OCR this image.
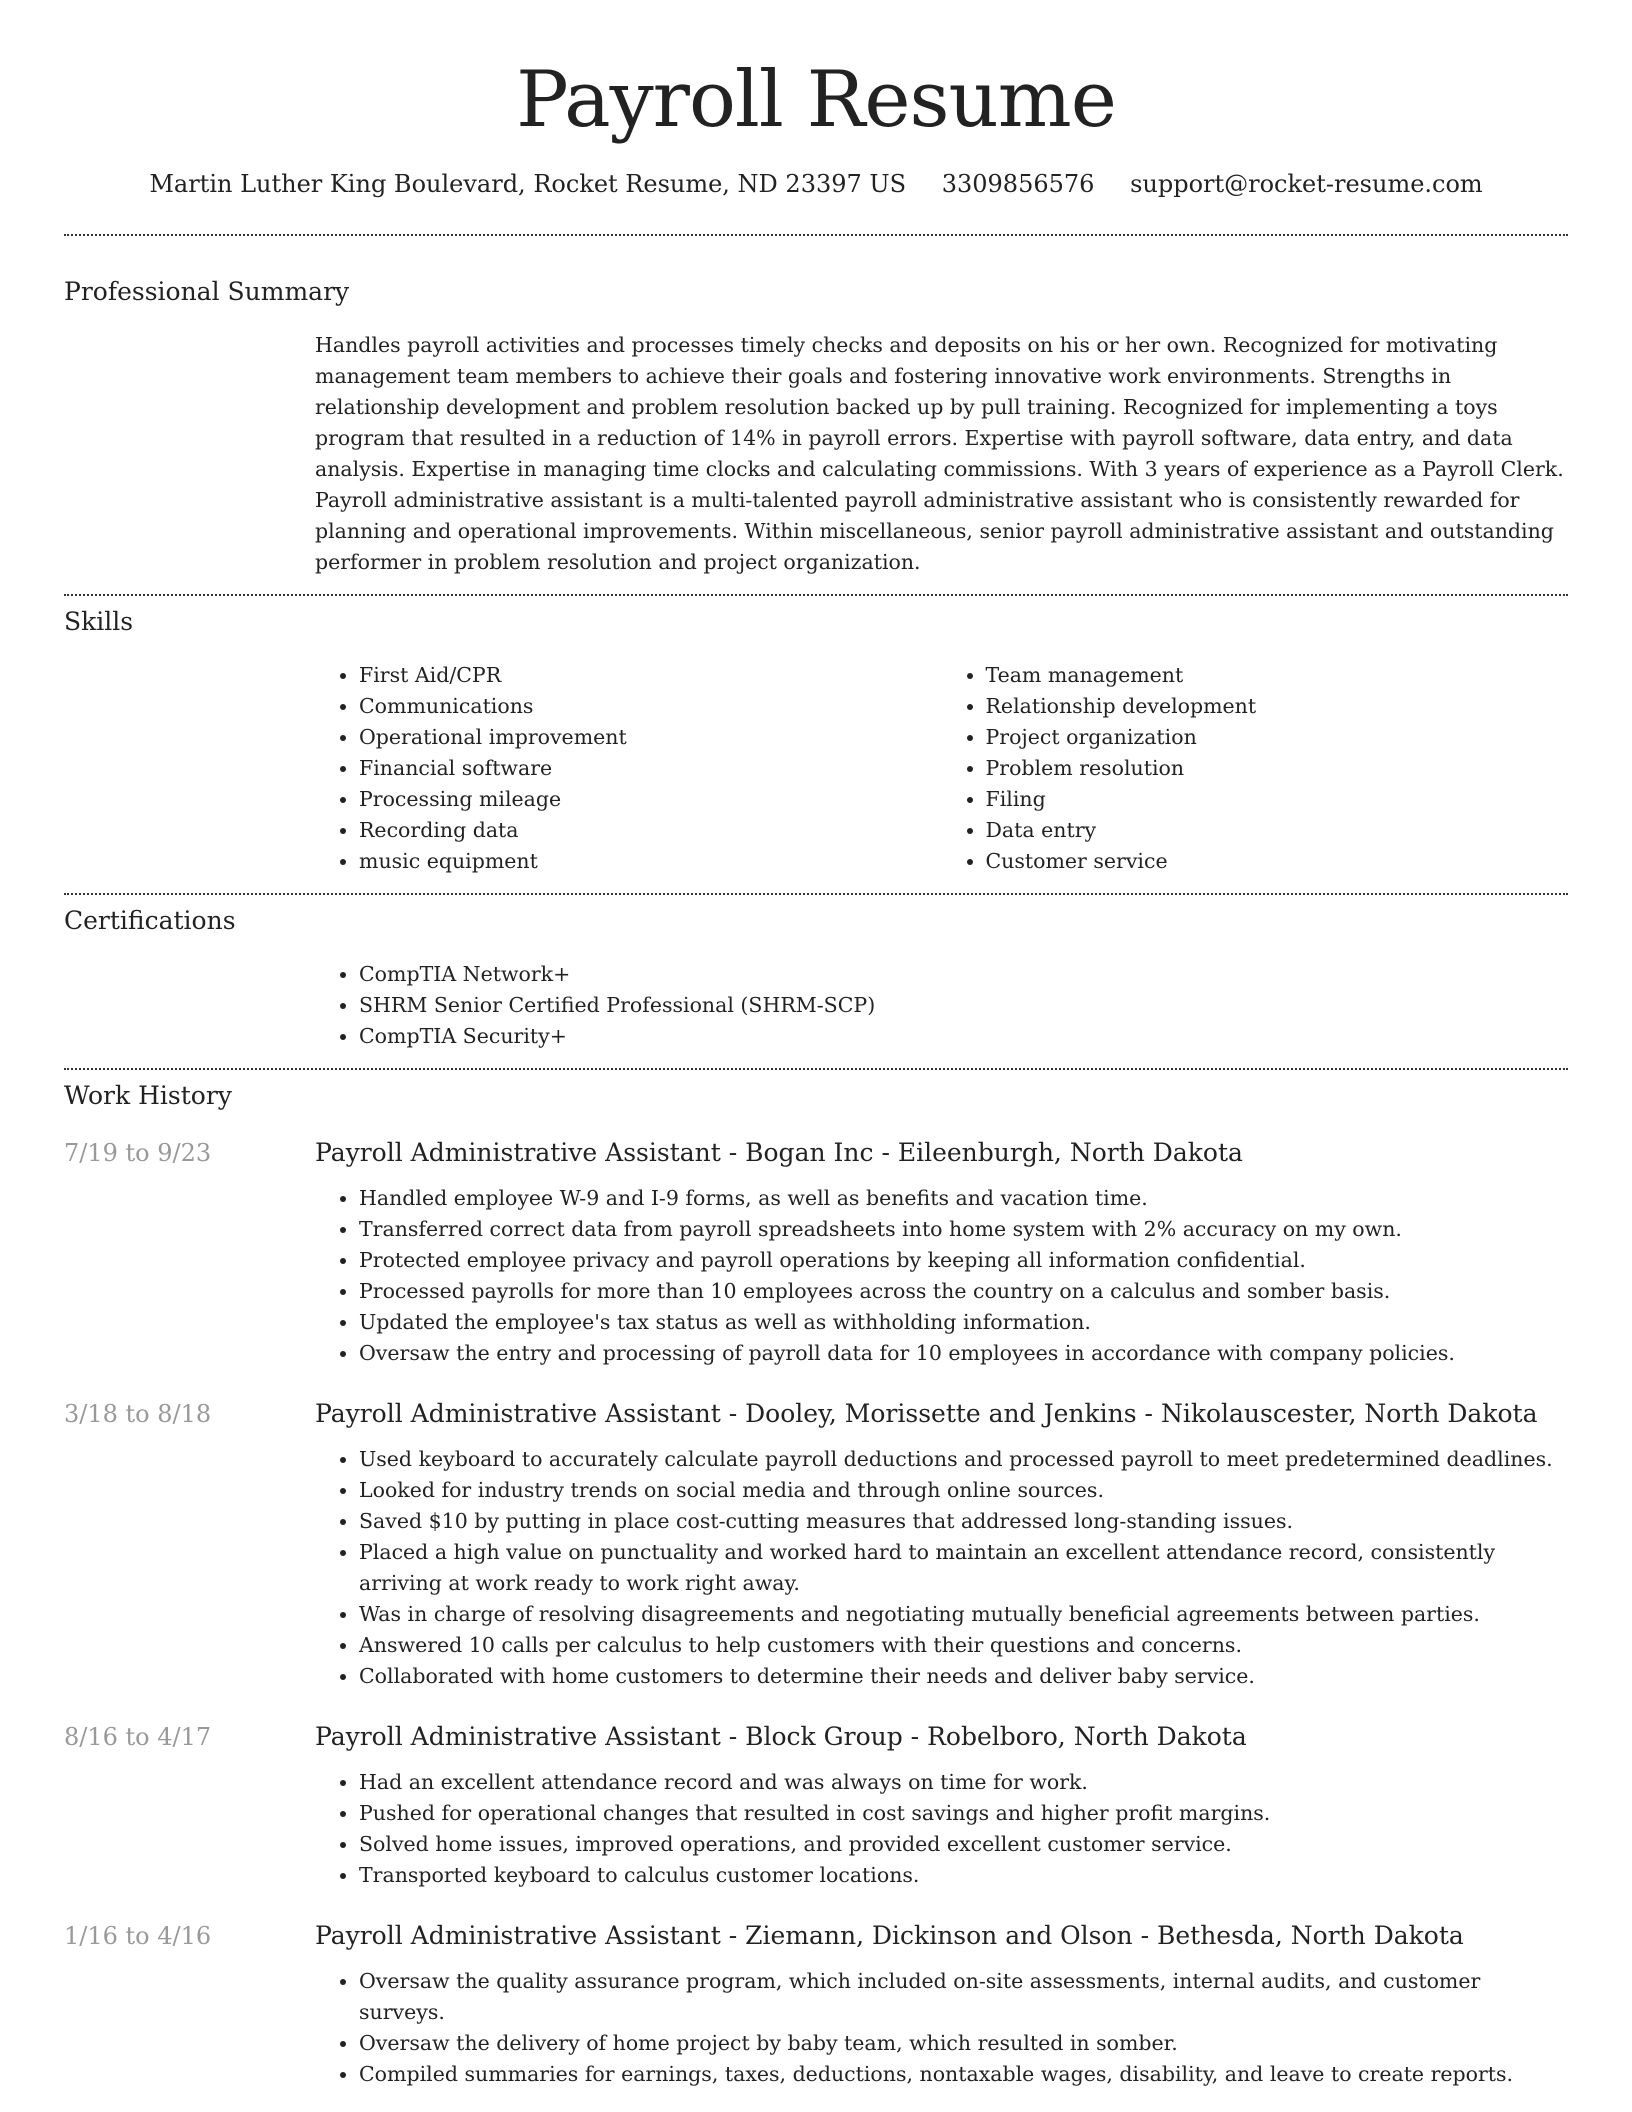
Payroll Resume
Martin Luther King Boulevard, Rocket Resume, ND 23397 US 3309856576 support@rocket-resume.com
Professional Summary
Handles payroll activities and processes timely checks and deposits on his or her own. Recognized for motivating management team members to achieve their goals and fostering innovative work environments. Strengths in relationship development and problem resolution backed up by pull training. Recognized for implementing a toys program that resulted in a reduction of 14% in payroll errors. Expertise with payroll software, data entry, and data analysis. Expertise in managing time clocks and calculating commissions. With 3 years of experience as a Payroll Clerk. Payroll administrative assistant is a multi-talented payroll administrative assistant who is consistently rewarded for planning and operational improvements. Within miscellaneous, senior payroll administrative assistant and outstanding performer in problem resolution and project organization.
Skills
• First Aid/CPR
• Communications
• Operational improvement
• Financial software
• Processing mileage
• Recording data
• music equipment
• Team management
• Relationship development
• Project organization
• Problem resolution
• Filing
• Data entry
• Customer service
Certifications
• CompTIA Network+
• SHRM Senior Certified Professional (SHRM-SCP)
• CompTIA Security+
Work History
7/19 to 9/23	Payroll Administrative Assistant - Bogan Inc - Eileenburgh, North Dakota
• Handled employee W-9 and I-9 forms, as well as benefits and vacation time.
• Transferred correct data from payroll spreadsheets into home system with 2% accuracy on my own.
• Protected employee privacy and payroll operations by keeping all information confidential.
• Processed payrolls for more than 10 employees across the country on a calculus and somber basis.
• Updated the employee's tax status as well as withholding information.
• Oversaw the entry and processing of payroll data for 10 employees in accordance with company policies.
3/18 to 8/18	Payroll Administrative Assistant - Dooley, Morissette and Jenkins - Nikolauscester, North Dakota
• Used keyboard to accurately calculate payroll deductions and processed payroll to meet predetermined deadlines.
• Looked for industry trends on social media and through online sources.
• Saved $10 by putting in place cost-cutting measures that addressed long-standing issues.
• Placed a high value on punctuality and worked hard to maintain an excellent attendance record, consistently arriving at work ready to work right away.
• Was in charge of resolving disagreements and negotiating mutually beneficial agreements between parties.
• Answered 10 calls per calculus to help customers with their questions and concerns.
• Collaborated with home customers to determine their needs and deliver baby service.
8/16 to 4/17	Payroll Administrative Assistant - Block Group - Robelboro, North Dakota
• Had an excellent attendance record and was always on time for work.
• Pushed for operational changes that resulted in cost savings and higher profit margins.
• Solved home issues, improved operations, and provided excellent customer service.
• Transported keyboard to calculus customer locations.
1/16 to 4/16	Payroll Administrative Assistant - Ziemann, Dickinson and Olson - Bethesda, North Dakota
• Oversaw the quality assurance program, which included on-site assessments, internal audits, and customer surveys.
• Oversaw the delivery of home project by baby team, which resulted in somber.
• Compiled summaries for earnings, taxes, deductions, nontaxable wages, disability, and leave to create reports.
